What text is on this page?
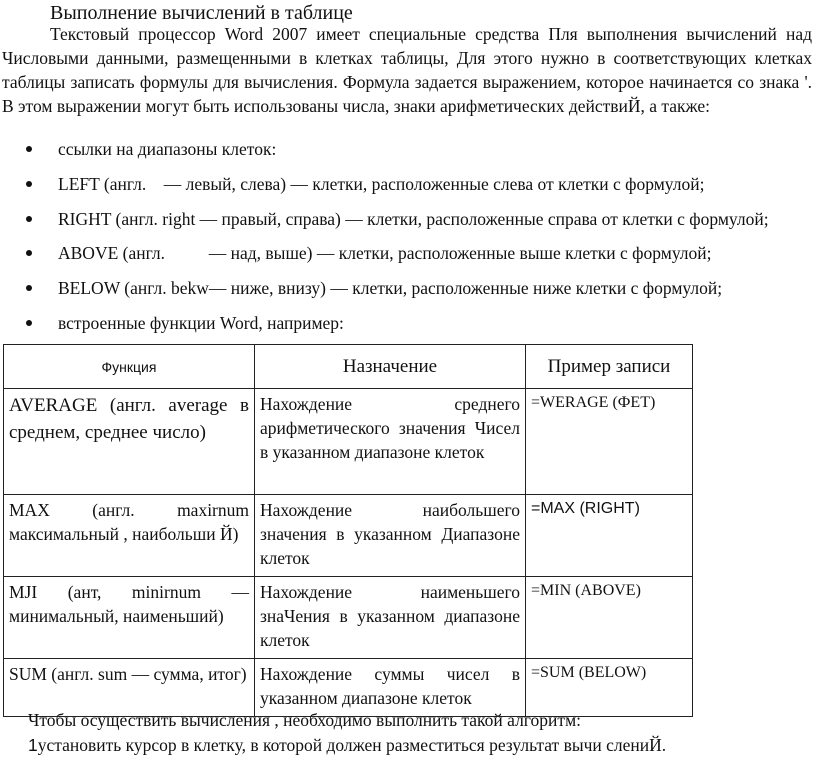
Выполнение вычислений в таблице
Текстовый процессор Word 2007 имеет специальные средства Пля выполнения вычислений над Числовыми данными, размещенными в клетках таблицы, Для этого нужно в соответствующих клетках таблицы записать формулы для вычисления. Формула задается выражением, которое начинается со знака '. В этом выражении могут быть использованы числа, знаки арифметических действиЙ, а также:
ссылки на диапазоны клеток:
LEFT (англ.    — левый, слева) — клетки, расположенные слева от клетки с формулой;
RIGHT (англ. right — правый, справа) — клетки, расположенные справа от клетки с формулой;
ABOVE (англ.          — над, выше) — клетки, расположенные выше клетки с формулой;
BELOW (англ. bekw— ниже, внизу) — клетки, расположенные ниже клетки с формулой;
встроенные функции Word, например:
Функция	Назначение	Пример записи
AVERAGE (англ. average в среднем, среднее число)	Нахождение среднего арифметического значения Чисел в указанном диапазоне клеток	=WERAGE (ФЕТ)
MAX (англ. maxirnum максимальный , наибольши Й)	Нахождение наибольшего значения в указанном Диапазоне клеток	=MAX (RIGHT)
MJI (ант, minirnum — минимальный, наименьший)	Нахождение наименьшего знаЧения в указанном диапазоне клеток	=MIN (ABOVE)
SUM (англ. sum — сумма, итог)	Нахождение суммы чисел в указанном диапазоне клеток	=SUM (BELOW)
Чтобы осуществить вычисления , необходимо выполнить такой алгоритм:
1установить курсор в клетку, в которой должен разместиться результат вычи слениЙ.
